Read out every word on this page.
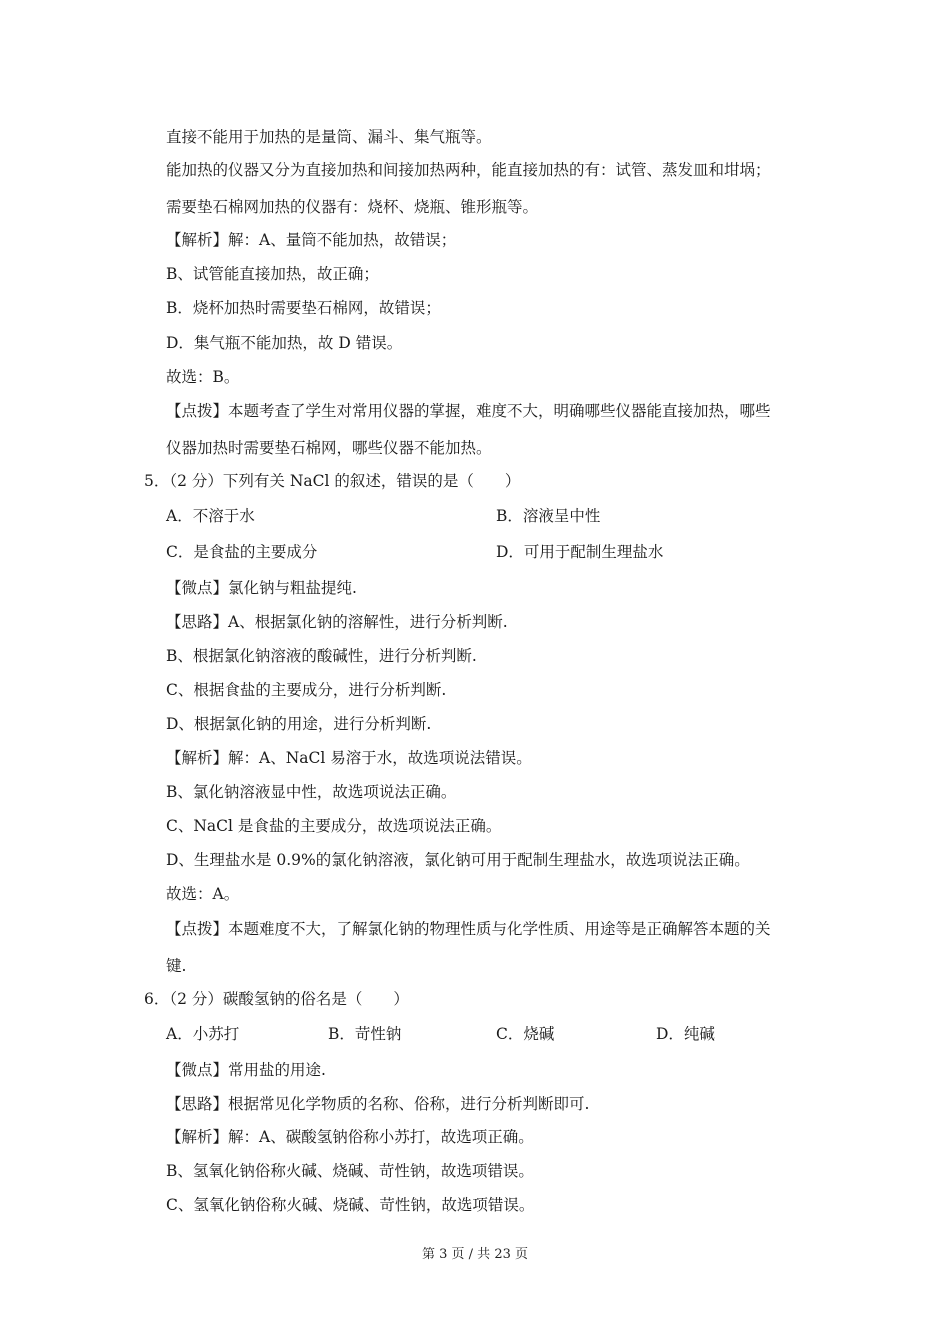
直接不能用于加热的是量筒、漏斗、集气瓶等。
能加热的仪器又分为直接加热和间接加热两种，能直接加热的有：试管、蒸发皿和坩埚；
需要垫石棉网加热的仪器有：烧杯、烧瓶、锥形瓶等。
【解析】解：A、量筒不能加热，故错误；
B、试管能直接加热，故正确；
B．烧杯加热时需要垫石棉网，故错误；
D．集气瓶不能加热，故 D 错误。
故选：B。
【点拨】本题考查了学生对常用仪器的掌握，难度不大，明确哪些仪器能直接加热，哪些
仪器加热时需要垫石棉网，哪些仪器不能加热。
5．（2 分）下列有关 NaCl 的叙述，错误的是（　　）
A．不溶于水	B．溶液呈中性
C．是食盐的主要成分	D．可用于配制生理盐水
【微点】氯化钠与粗盐提纯.
【思路】A、根据氯化钠的溶解性，进行分析判断.
B、根据氯化钠溶液的酸碱性，进行分析判断.
C、根据食盐的主要成分，进行分析判断.
D、根据氯化钠的用途，进行分析判断.
【解析】解：A、NaCl 易溶于水，故选项说法错误。
B、氯化钠溶液显中性，故选项说法正确。
C、NaCl 是食盐的主要成分，故选项说法正确。
D、生理盐水是 0.9%的氯化钠溶液，氯化钠可用于配制生理盐水，故选项说法正确。
故选：A。
【点拨】本题难度不大，了解氯化钠的物理性质与化学性质、用途等是正确解答本题的关
键.
6．（2 分）碳酸氢钠的俗名是（　　）
A．小苏打	B．苛性钠	C．烧碱	D．纯碱
【微点】常用盐的用途.
【思路】根据常见化学物质的名称、俗称，进行分析判断即可.
【解析】解：A、碳酸氢钠俗称小苏打，故选项正确。
B、氢氧化钠俗称火碱、烧碱、苛性钠，故选项错误。
C、氢氧化钠俗称火碱、烧碱、苛性钠，故选项错误。
第 3 页 / 共 23 页
